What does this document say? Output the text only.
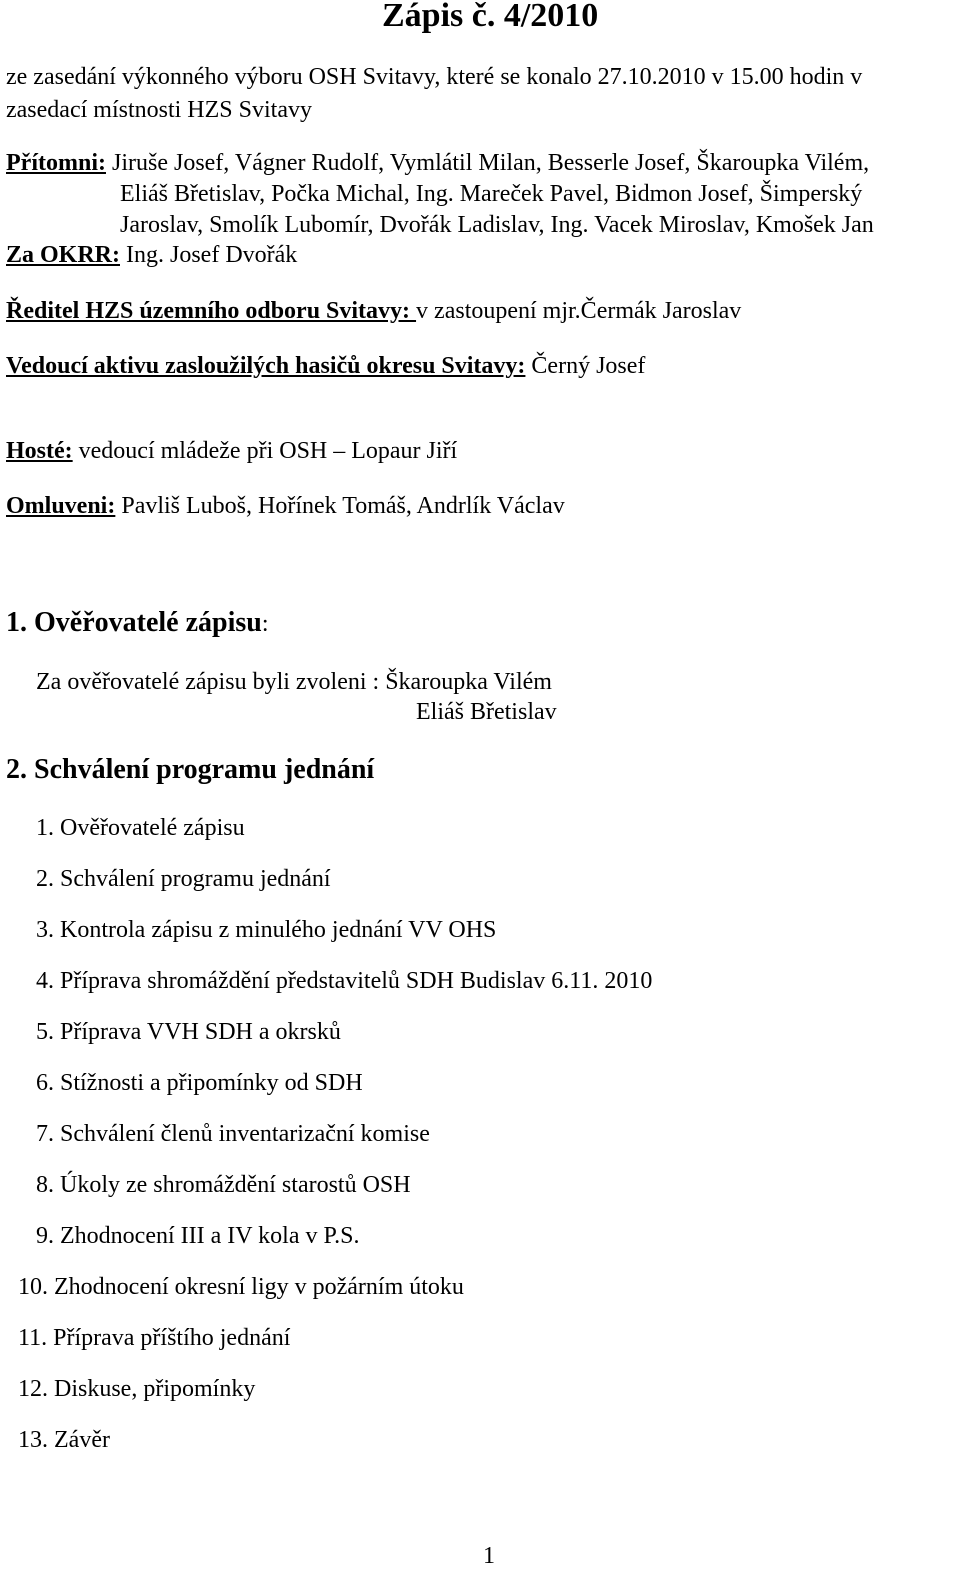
Zápis č. 4/2010
ze zasedání výkonného výboru OSH Svitavy, které se konalo 27.10.2010 v 15.00 hodin v
zasedací místnosti HZS Svitavy
Přítomni: Jiruše Josef, Vágner Rudolf, Vymlátil Milan, Besserle Josef, Škaroupka Vilém,
Eliáš Břetislav, Počka Michal, Ing. Mareček Pavel, Bidmon Josef, Šimperský
Jaroslav, Smolík Lubomír, Dvořák Ladislav, Ing. Vacek Miroslav, Kmošek Jan
Za OKRR: Ing. Josef Dvořák
Ředitel HZS územního odboru Svitavy: v zastoupení mjr.Čermák Jaroslav
Vedoucí aktivu zasloužilých hasičů okresu Svitavy: Černý Josef
Hosté: vedoucí mládeže při OSH – Lopaur Jiří
Omluveni: Pavliš Luboš, Hořínek Tomáš, Andrlík Václav
1. Ověřovatelé zápisu:
Za ověřovatelé zápisu byli zvoleni : Škaroupka Vilém
Eliáš Břetislav
2. Schválení programu jednání
1. Ověřovatelé zápisu
2. Schválení programu jednání
3. Kontrola zápisu z minulého jednání VV OHS
4. Příprava shromáždění představitelů SDH Budislav 6.11. 2010
5. Příprava VVH SDH a okrsků
6. Stížnosti a připomínky od SDH
7. Schválení členů inventarizační komise
8. Úkoly ze shromáždění starostů OSH
9. Zhodnocení III a IV kola v P.S.
10. Zhodnocení okresní ligy v požárním útoku
11. Příprava příštího jednání
12. Diskuse, připomínky
13. Závěr
1
